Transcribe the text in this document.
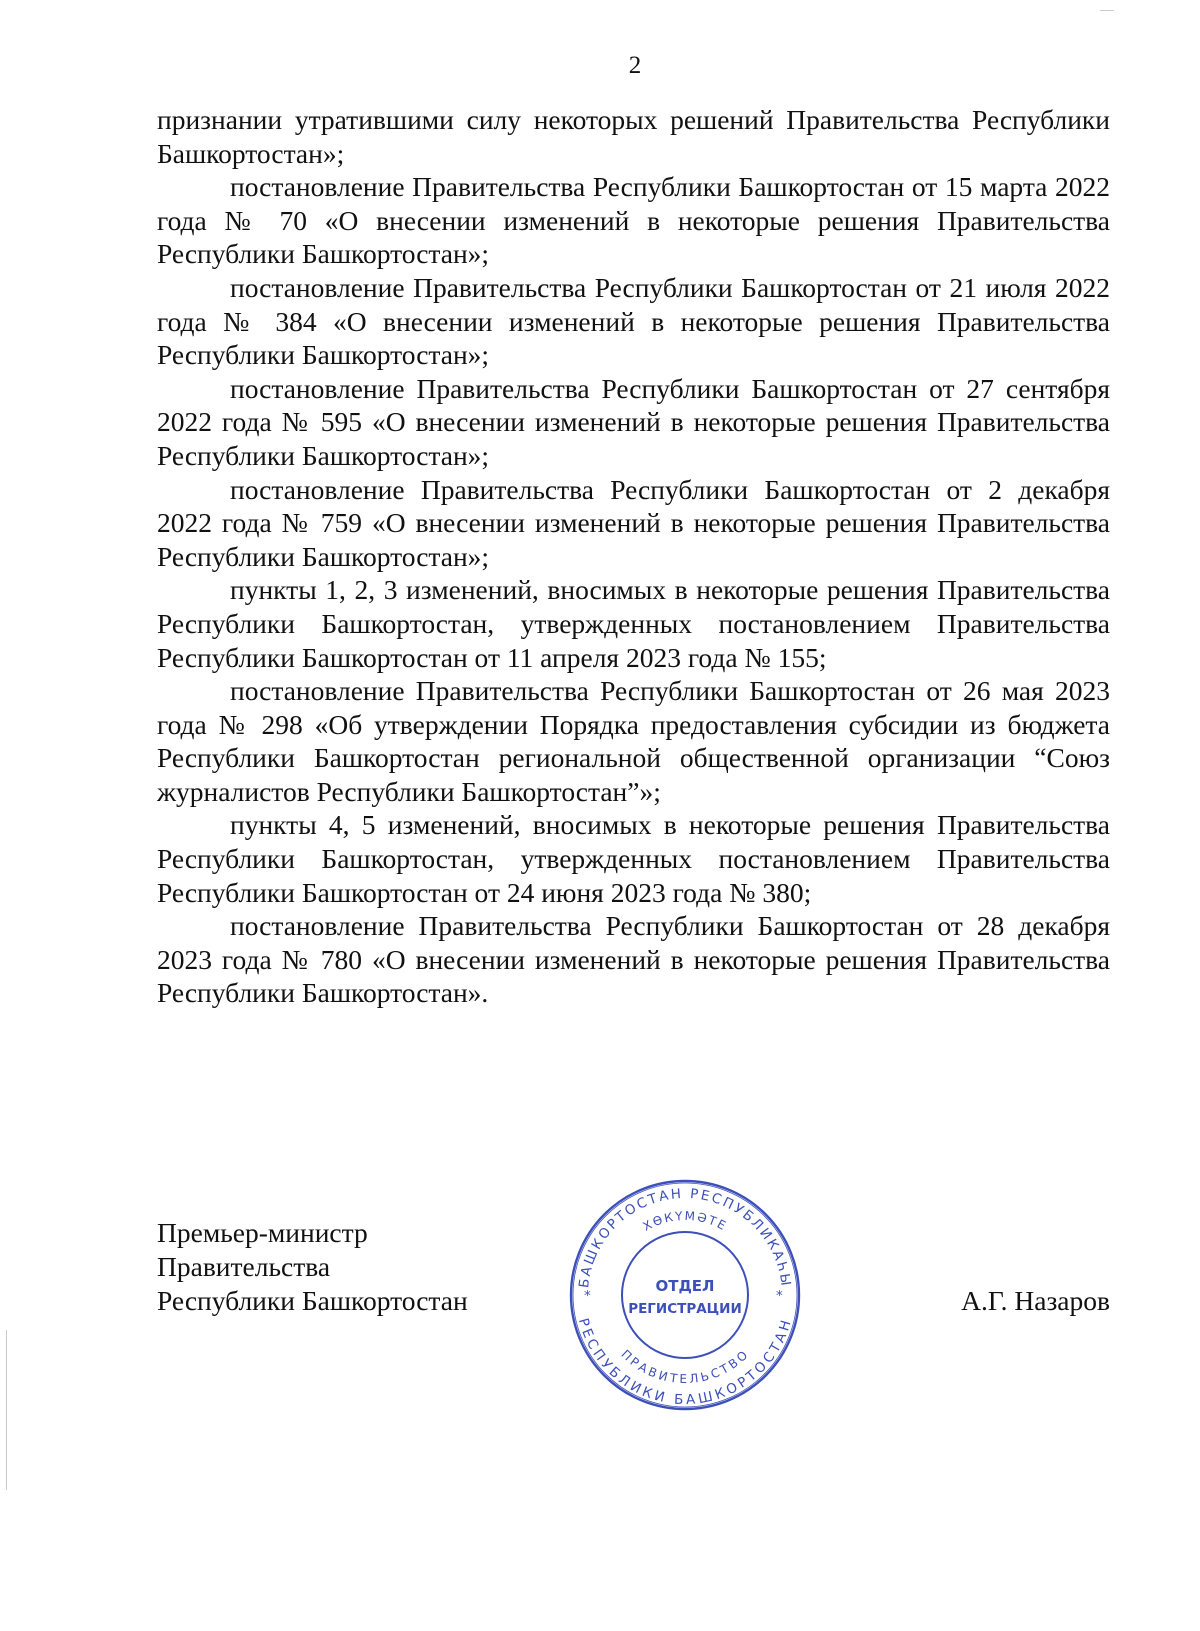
2

признании утратившими силу некоторых решений Правительства Республики Башкортостан»;

постановление Правительства Республики Башкортостан от 15 марта 2022 года № 70 «О внесении изменений в некоторые решения Правительства Республики Башкортостан»;

постановление Правительства Республики Башкортостан от 21 июля 2022 года № 384 «О внесении изменений в некоторые решения Правительства Республики Башкортостан»;

постановление Правительства Республики Башкортостан от 27 сентября 2022 года № 595 «О внесении изменений в некоторые решения Правительства Республики Башкортостан»;

постановление Правительства Республики Башкортостан от 2 декабря 2022 года № 759 «О внесении изменений в некоторые решения Правительства Республики Башкортостан»;

пункты 1, 2, 3 изменений, вносимых в некоторые решения Правительства Республики Башкортостан, утвержденных постановлением Правительства Республики Башкортостан от 11 апреля 2023 года № 155;

постановление Правительства Республики Башкортостан от 26 мая 2023 года № 298 «Об утверждении Порядка предоставления субсидии из бюджета Республики Башкортостан региональной общественной организации “Союз журналистов Республики Башкортостан”»;

пункты 4, 5 изменений, вносимых в некоторые решения Правительства Республики Башкортостан, утвержденных постановлением Правительства Республики Башкортостан от 24 июня 2023 года № 380;

постановление Правительства Республики Башкортостан от 28 декабря 2023 года № 780 «О внесении изменений в некоторые решения Правительства Республики Башкортостан».

Премьер-министр
Правительства
Республики Башкортостан	А.Г. Назаров
БАШКОРТОСТАН РЕСПУБЛИКАҺЫ
ХӨКҮМӘТЕ
РЕСПУБЛИКИ БАШКОРТОСТАН
ПРАВИТЕЛЬСТВО
*	*
ОТДЕЛ
РЕГИСТРАЦИИ
